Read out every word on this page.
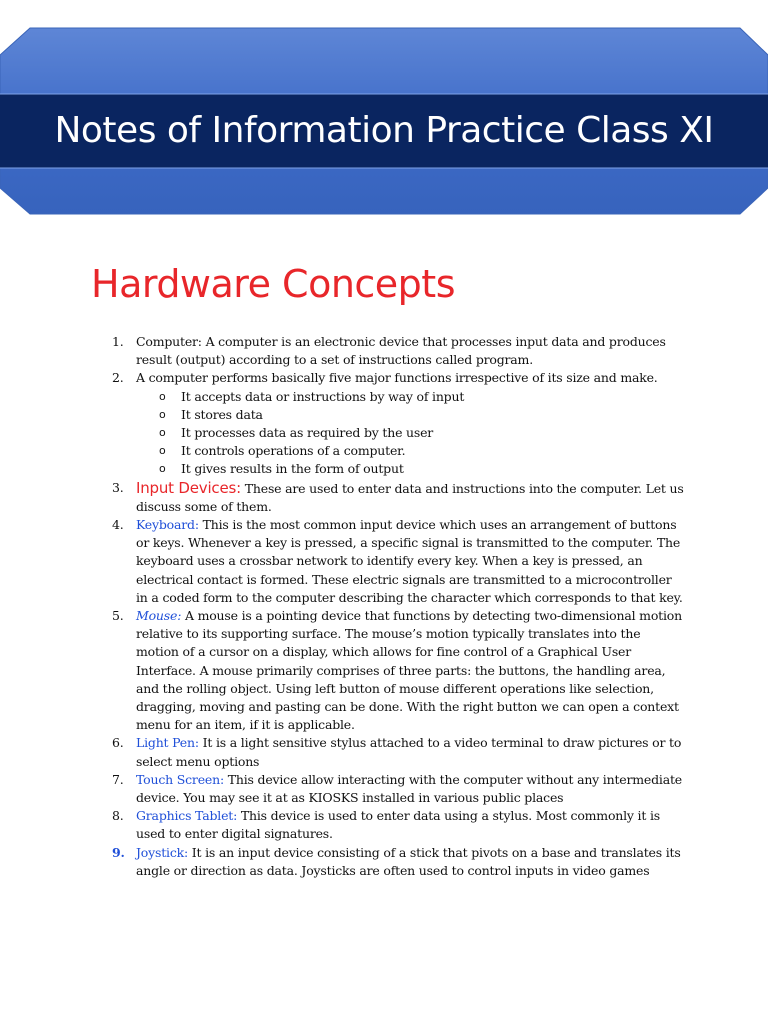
Notes of Information Practice Class XI
Hardware Concepts
1. Computer: A computer is an electronic device that processes input data and produces result (output) according to a set of instructions called program.
2. A computer performs basically five major functions irrespective of its size and make.
o It accepts data or instructions by way of input
o It stores data
o It processes data as required by the user
o It controls operations of a computer.
o It gives results in the form of output
3. Input Devices: These are used to enter data and instructions into the computer. Let us discuss some of them.
4. Keyboard: This is the most common input device which uses an arrangement of buttons or keys. Whenever a key is pressed, a specific signal is transmitted to the computer. The keyboard uses a crossbar network to identify every key. When a key is pressed, an electrical contact is formed. These electric signals are transmitted to a microcontroller in a coded form to the computer describing the character which corresponds to that key.
5. Mouse: A mouse is a pointing device that functions by detecting two-dimensional motion relative to its supporting surface. The mouse’s motion typically translates into the motion of a cursor on a display, which allows for fine control of a Graphical User Interface. A mouse primarily comprises of three parts: the buttons, the handling area, and the rolling object. Using left button of mouse different operations like selection, dragging, moving and pasting can be done. With the right button we can open a context menu for an item, if it is applicable.
6. Light Pen: It is a light sensitive stylus attached to a video terminal to draw pictures or to select menu options
7. Touch Screen: This device allow interacting with the computer without any intermediate device. You may see it at as KIOSKS installed in various public places
8. Graphics Tablet: This device is used to enter data using a stylus. Most commonly it is used to enter digital signatures.
9. Joystick: It is an input device consisting of a stick that pivots on a base and translates its angle or direction as data. Joysticks are often used to control inputs in video games
